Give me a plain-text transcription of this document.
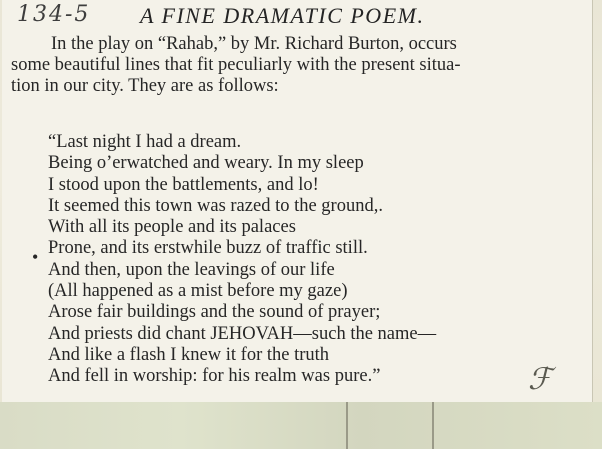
134-5 A FINE DRAMATIC POEM.
In the play on “Rahab,” by Mr. Richard Burton, occurs
some beautiful lines that fit peculiarly with the present situa-
tion in our city. They are as follows:
•
“Last night I had a dream.
Being o’erwatched and weary. In my sleep
I stood upon the battlements, and lo!
It seemed this town was razed to the ground,.
With all its people and its palaces
Prone, and its erstwhile buzz of traffic still.
And then, upon the leavings of our life
(All happened as a mist before my gaze)
Arose fair buildings and the sound of prayer;
And priests did chant JEHOVAH—such the name—
And like a flash I knew it for the truth
And fell in worship: for his realm was pure.”	ℱ
